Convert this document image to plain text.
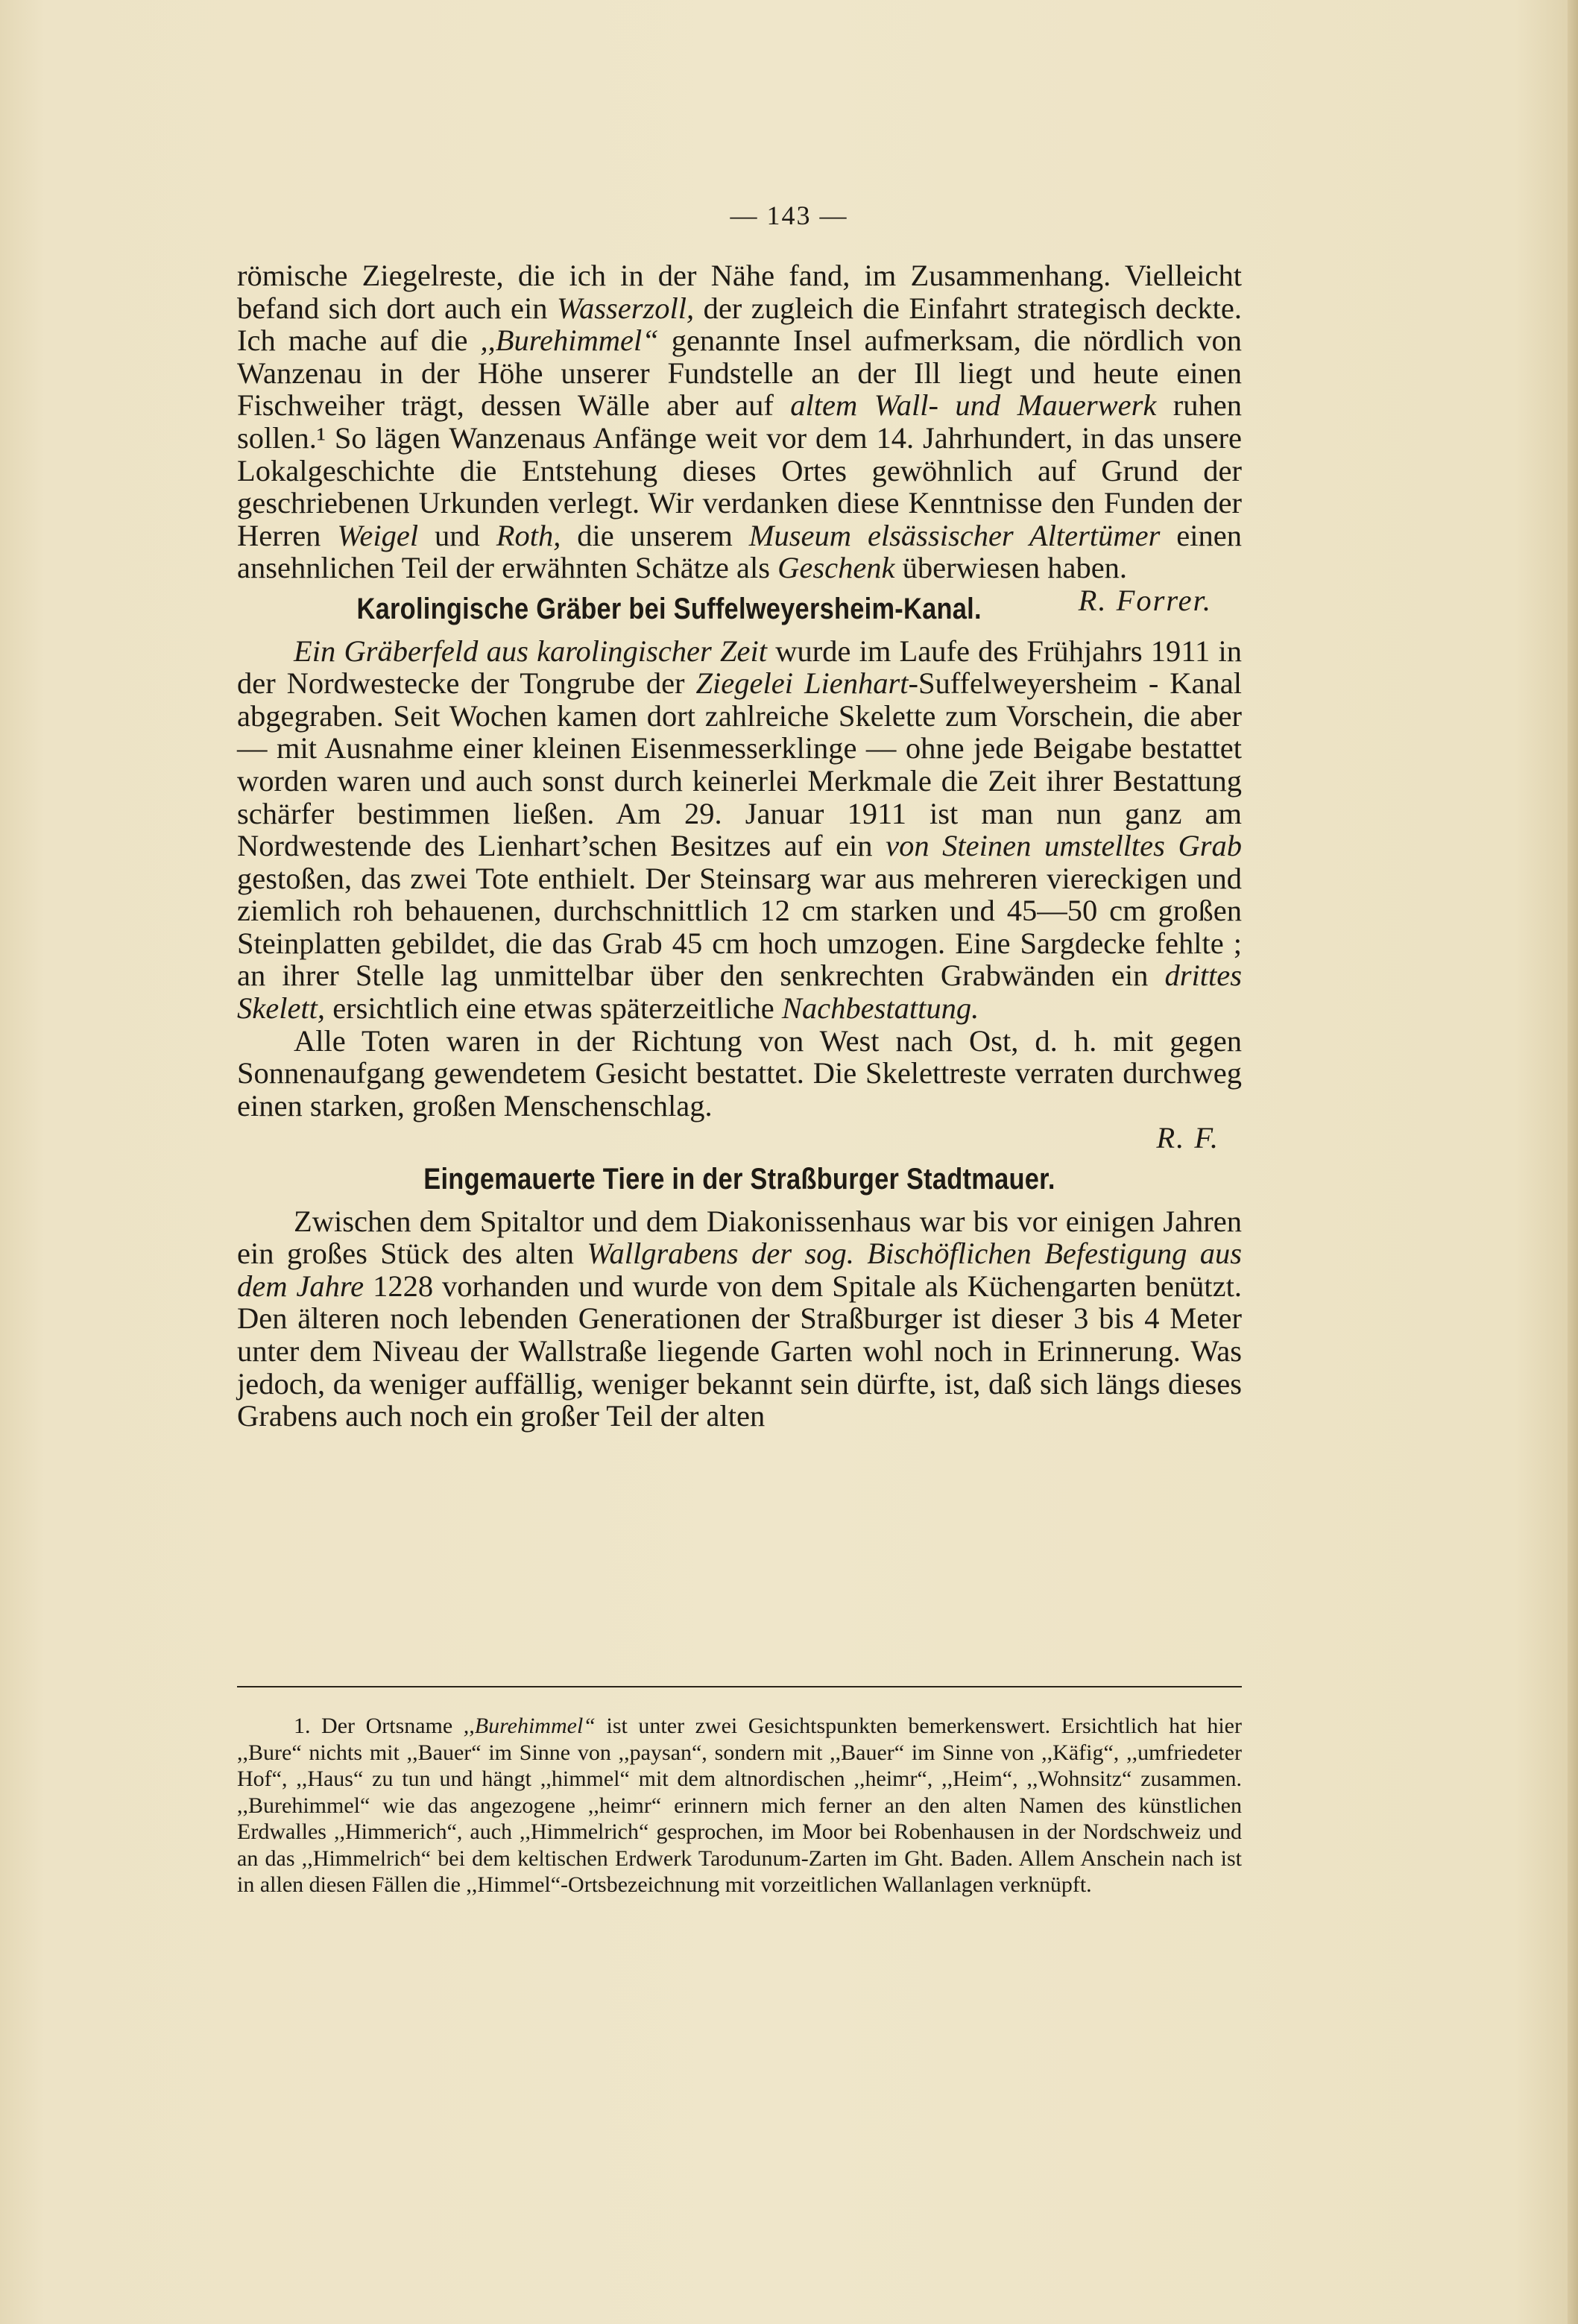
— 143 —

römische Ziegelreste, die ich in der Nähe fand, im Zusammenhang. Vielleicht befand sich dort auch ein Wasserzoll, der zugleich die Einfahrt strategisch deckte. Ich mache auf die ,,Burehimmel“ genannte Insel aufmerksam, die nördlich von Wanzenau in der Höhe unserer Fundstelle an der Ill liegt und heute einen Fischweiher trägt, dessen Wälle aber auf altem Wall- und Mauerwerk ruhen sollen.¹ So lägen Wanzenaus Anfänge weit vor dem 14. Jahrhundert, in das unsere Lokalgeschichte die Entstehung dieses Ortes gewöhnlich auf Grund der geschriebenen Urkunden verlegt. Wir verdanken diese Kenntnisse den Funden der Herren Weigel und Roth, die unserem Museum elsässischer Altertümer einen ansehnlichen Teil der erwähnten Schätze als Geschenk überwiesen haben.
R. Forrer.

Karolingische Gräber bei Suffelweyersheim-Kanal.

Ein Gräberfeld aus karolingischer Zeit wurde im Laufe des Frühjahrs 1911 in der Nordwestecke der Tongrube der Ziegelei Lienhart-Suffelweyersheim - Kanal abgegraben. Seit Wochen kamen dort zahlreiche Skelette zum Vorschein, die aber — mit Ausnahme einer kleinen Eisenmesserklinge — ohne jede Beigabe bestattet worden waren und auch sonst durch keinerlei Merkmale die Zeit ihrer Bestattung schärfer bestimmen ließen. Am 29. Januar 1911 ist man nun ganz am Nordwestende des Lienhart’schen Besitzes auf ein von Steinen umstelltes Grab gestoßen, das zwei Tote enthielt. Der Steinsarg war aus mehreren viereckigen und ziemlich roh behauenen, durchschnittlich 12 cm starken und 45—50 cm großen Steinplatten gebildet, die das Grab 45 cm hoch umzogen. Eine Sargdecke fehlte ; an ihrer Stelle lag unmittelbar über den senkrechten Grabwänden ein drittes Skelett, ersichtlich eine etwas späterzeitliche Nachbestattung.

Alle Toten waren in der Richtung von West nach Ost, d. h. mit gegen Sonnenaufgang gewendetem Gesicht bestattet. Die Skelettreste verraten durchweg einen starken, großen Menschenschlag.

R. F.

Eingemauerte Tiere in der Straßburger Stadtmauer.

Zwischen dem Spitaltor und dem Diakonissenhaus war bis vor einigen Jahren ein großes Stück des alten Wallgrabens der sog. Bischöflichen Befestigung aus dem Jahre 1228 vorhanden und wurde von dem Spitale als Küchengarten benützt. Den älteren noch lebenden Generationen der Straßburger ist dieser 3 bis 4 Meter unter dem Niveau der Wallstraße liegende Garten wohl noch in Erinnerung. Was jedoch, da weniger auffällig, weniger bekannt sein dürfte, ist, daß sich längs dieses Grabens auch noch ein großer Teil der alten

1. Der Ortsname ,,Burehimmel“ ist unter zwei Gesichtspunkten bemerkenswert. Ersichtlich hat hier ,,Bure“ nichts mit ,,Bauer“ im Sinne von ,,paysan“, sondern mit ,,Bauer“ im Sinne von ,,Käfig“, ,,umfriedeter Hof“, ,,Haus“ zu tun und hängt ,,himmel“ mit dem altnordischen ,,heimr“, ,,Heim“, ,,Wohnsitz“ zusammen. ,,Burehimmel“ wie das angezogene ,,heimr“ erinnern mich ferner an den alten Namen des künstlichen Erdwalles ,,Himmerich“, auch ,,Himmelrich“ gesprochen, im Moor bei Robenhausen in der Nordschweiz und an das ,,Himmelrich“ bei dem keltischen Erdwerk Tarodunum-Zarten im Ght. Baden. Allem Anschein nach ist in allen diesen Fällen die ,,Himmel“-Ortsbezeichnung mit vorzeitlichen Wallanlagen verknüpft.
